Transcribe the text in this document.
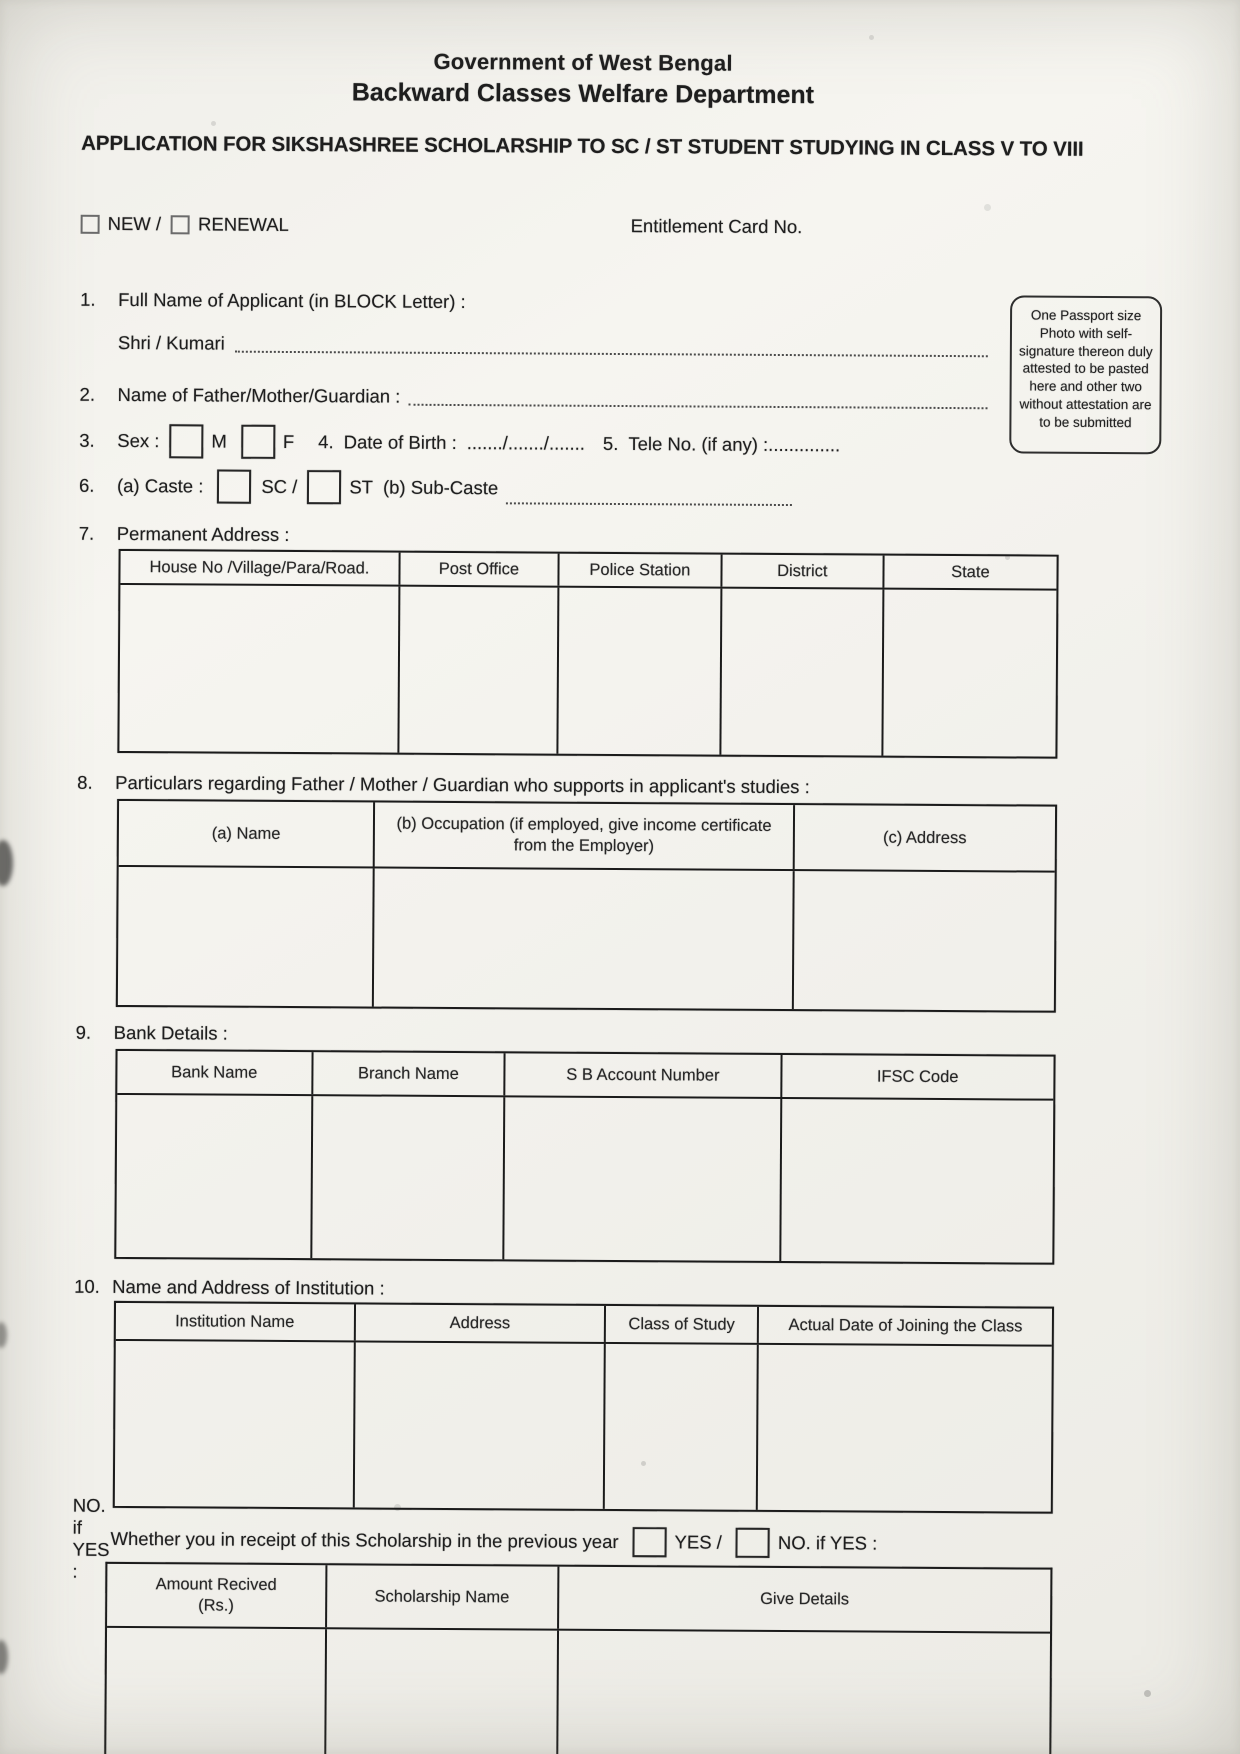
Government of West Bengal
Backward Classes Welfare Department
APPLICATION FOR SIKSHASHREE SCHOLARSHIP TO SC / ST STUDENT STUDYING IN CLASS V TO VIII
NEW / RENEWAL	Entitlement Card No.
One Passport size Photo with self-signature thereon duly attested to be pasted here and other two without attestation are to be submitted
1.	Full Name of Applicant (in BLOCK Letter) :
Shri / Kumari
2.	Name of Father/Mother/Guardian :
3.	Sex :	M	F 4. Date of Birth : ......./......./....... 5. Tele No. (if any) : ..............
6.	(a) Caste :	SC /	ST (b) Sub-Caste
7.	Permanent Address :
House No /Village/Para/Road.	Post Office	Police Station	District	State
8.	Particulars regarding Father / Mother / Guardian who supports in applicant's studies :
(a) Name	(b) Occupation (if employed, give income certificate from the Employer)	(c) Address
9.	Bank Details :
Bank Name	Branch Name	S B Account Number	IFSC Code
10. Name and Address of Institution :
Institution Name	Address	Class of Study	Actual Date of Joining the Class
NO. if YES :
Whether you in receipt of this Scholarship in the previous year	YES /	NO. if YES :
Amount Recived (Rs.)	Scholarship Name	Give Details
